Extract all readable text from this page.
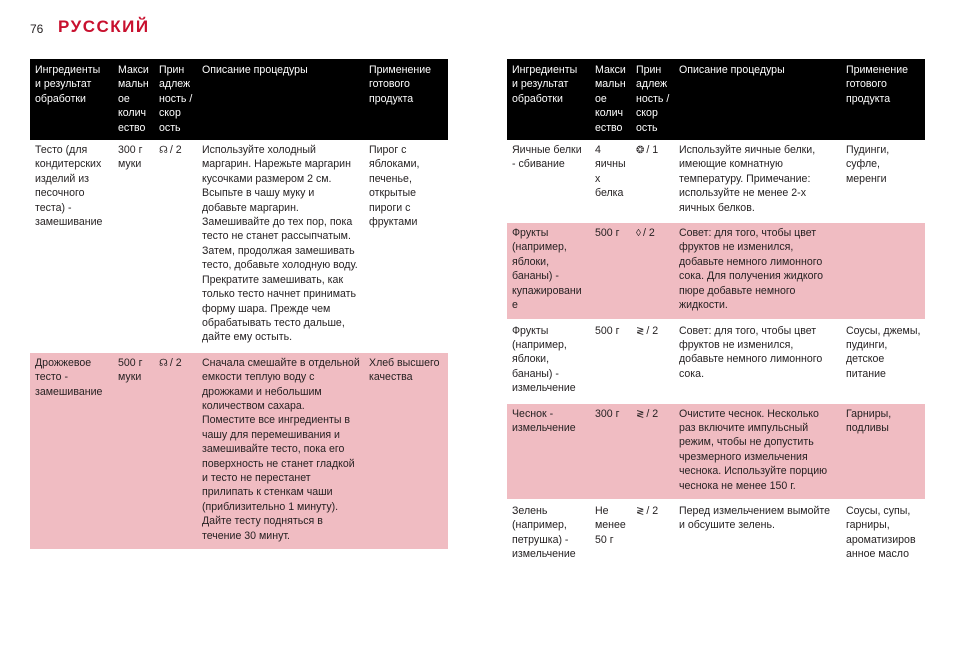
76 РУССКИЙ
Ингредиенты и результат обработки	Макси мальн ое колич ество	Прин адлеж ность /скор ость	Описание процедуры	Применение готового продукта
Тесто (для кондитерских изделий из песочного теста) - замешивание	300 г муки	☊ / 2	Используйте холодный маргарин. Нарежьте маргарин кусочками размером 2 см. Всыпьте в чашу муку и добавьте маргарин. Замешивайте до тех пор, пока тесто не станет рассыпчатым. Затем, продолжая замешивать тесто, добавьте холодную воду. Прекратите замешивать, как только тесто начнет принимать форму шара. Прежде чем обрабатывать тесто дальше, дайте ему остыть.	Пирог с яблоками, печенье, открытые пироги с фруктами
Дрожжевое тесто - замешивание	500 г муки	☊ / 2	Сначала смешайте в отдельной емкости теплую воду с дрожжами и небольшим количеством сахара. Поместите все ингредиенты в чашу для перемешивания и замешивайте тесто, пока его поверхность не станет гладкой и тесто не перестанет прилипать к стенкам чаши (приблизительно 1 минуту). Дайте тесту подняться в течение 30 минут.	Хлеб высшего качества
Ингредиенты и результат обработки	Макси мальн ое колич ество	Прин адлеж ность /скор ость	Описание процедуры	Применение готового продукта
Яичные белки - сбивание	4 яичны х белка	❂ / 1	Используйте яичные белки, имеющие комнатную температуру. Примечание: используйте не менее 2-х яичных белков.	Пудинги, суфле, меренги
Фрукты (например, яблоки, бананы) - купажировани е	500 г	◊ / 2	Совет: для того, чтобы цвет фруктов не изменился, добавьте немного лимонного сока. Для получения жидкого пюре добавьте немного жидкости.	
Фрукты (например, яблоки, бананы) - измельчение	500 г	≷ / 2	Совет: для того, чтобы цвет фруктов не изменился, добавьте немного лимонного сока.	Соусы, джемы, пудинги, детское питание
Чеснок - измельчение	300 г	≷ / 2	Очистите чеснок. Несколько раз включите импульсный режим, чтобы не допустить чрезмерного измельчения чеснока. Используйте порцию чеснока не менее 150 г.	Гарниры, подливы
Зелень (например, петрушка) - измельчение	Не менее 50 г	≷ / 2	Перед измельчением вымойте и обсушите зелень.	Соусы, супы, гарниры, ароматизиров анное масло
